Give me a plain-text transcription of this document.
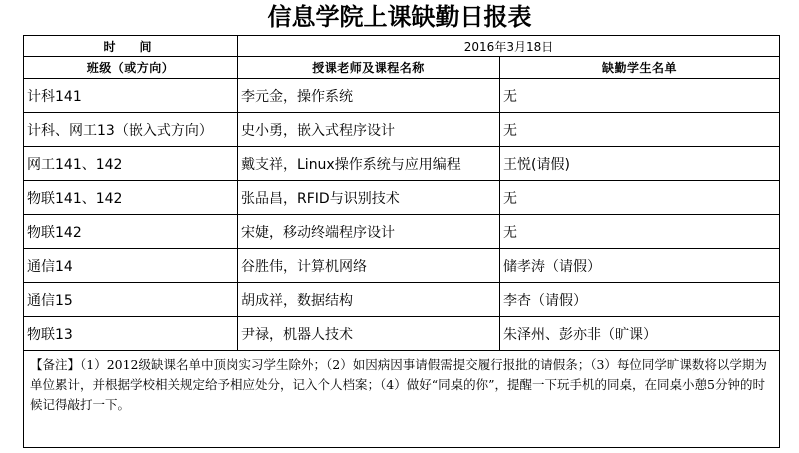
信息学院上课缺勤日报表
时　间	2016年3月18日	
班级（或方向）	授课老师及课程名称	缺勤学生名单
计科141	李元金，操作系统	无
计科、网工13（嵌入式方向）	史小勇，嵌入式程序设计	无
网工141、142	戴支祥，Linux操作系统与应用编程	王悦(请假)
物联141、142	张品昌，RFID与识别技术	无
物联142	宋婕，移动终端程序设计	无
通信14	谷胜伟，计算机网络	储孝涛（请假）
通信15	胡成祥，数据结构	李杏（请假）
物联13	尹禄，机器人技术	朱泽州、彭亦非（旷课）
【备注】（1）2012级缺课名单中顶岗实习学生除外；（2）如因病因事请假需提交履行报批的请假条；（3）每位同学旷课数将以学期为单位累计，并根据学校相关规定给予相应处分，记入个人档案；（4）做好“同桌的你”，提醒一下玩手机的同桌，在同桌小憩5分钟的时候记得敲打一下。		
